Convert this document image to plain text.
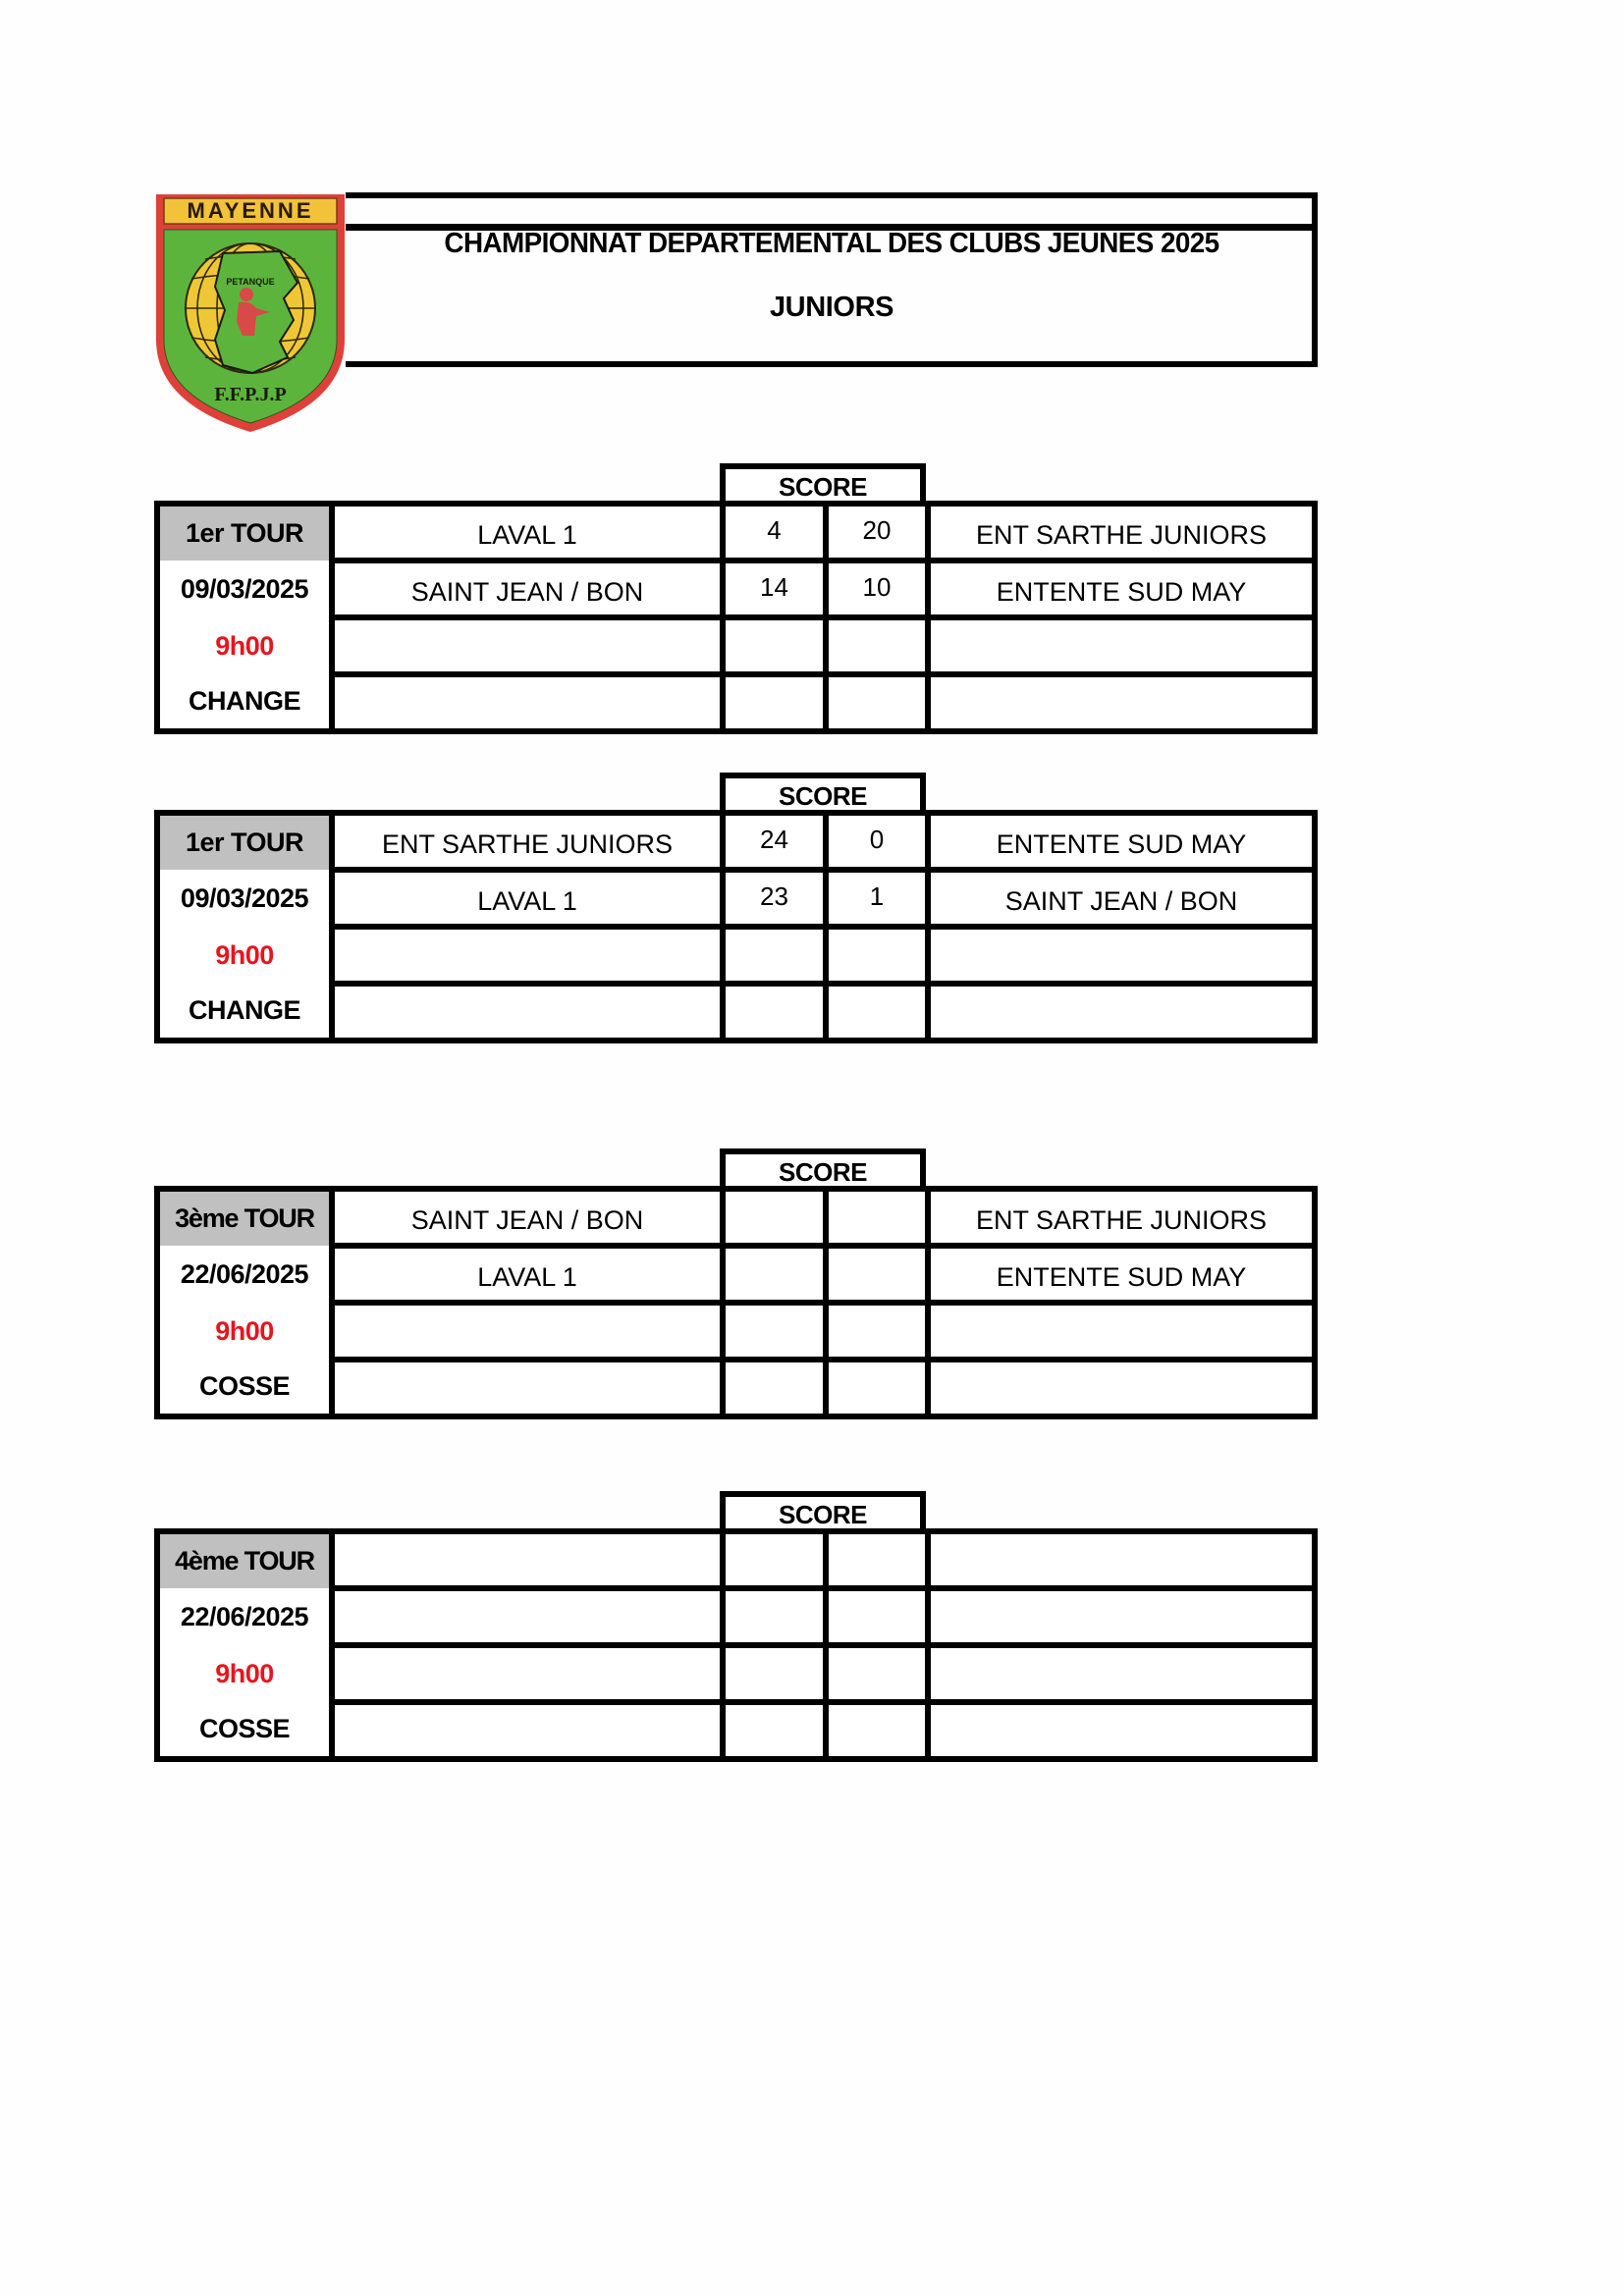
MAYENNE
PETANQUE
F.F.P.J.P
CHAMPIONNAT DEPARTEMENTAL DES CLUBS JEUNES 2025
JUNIORS
SCORE
1er TOUR	LAVAL 1	4	20	ENT SARTHE JUNIORS
09/03/2025	SAINT JEAN / BON	14	10	ENTENTE SUD MAY
9h00				
CHANGE				
SCORE
1er TOUR	ENT SARTHE JUNIORS	24	0	ENTENTE SUD MAY
09/03/2025	LAVAL 1	23	1	SAINT JEAN / BON
9h00				
CHANGE				
SCORE
3ème TOUR	SAINT JEAN / BON			ENT SARTHE JUNIORS
22/06/2025	LAVAL 1			ENTENTE SUD MAY
9h00				
COSSE				
SCORE
4ème TOUR				
22/06/2025				
9h00				
COSSE				
